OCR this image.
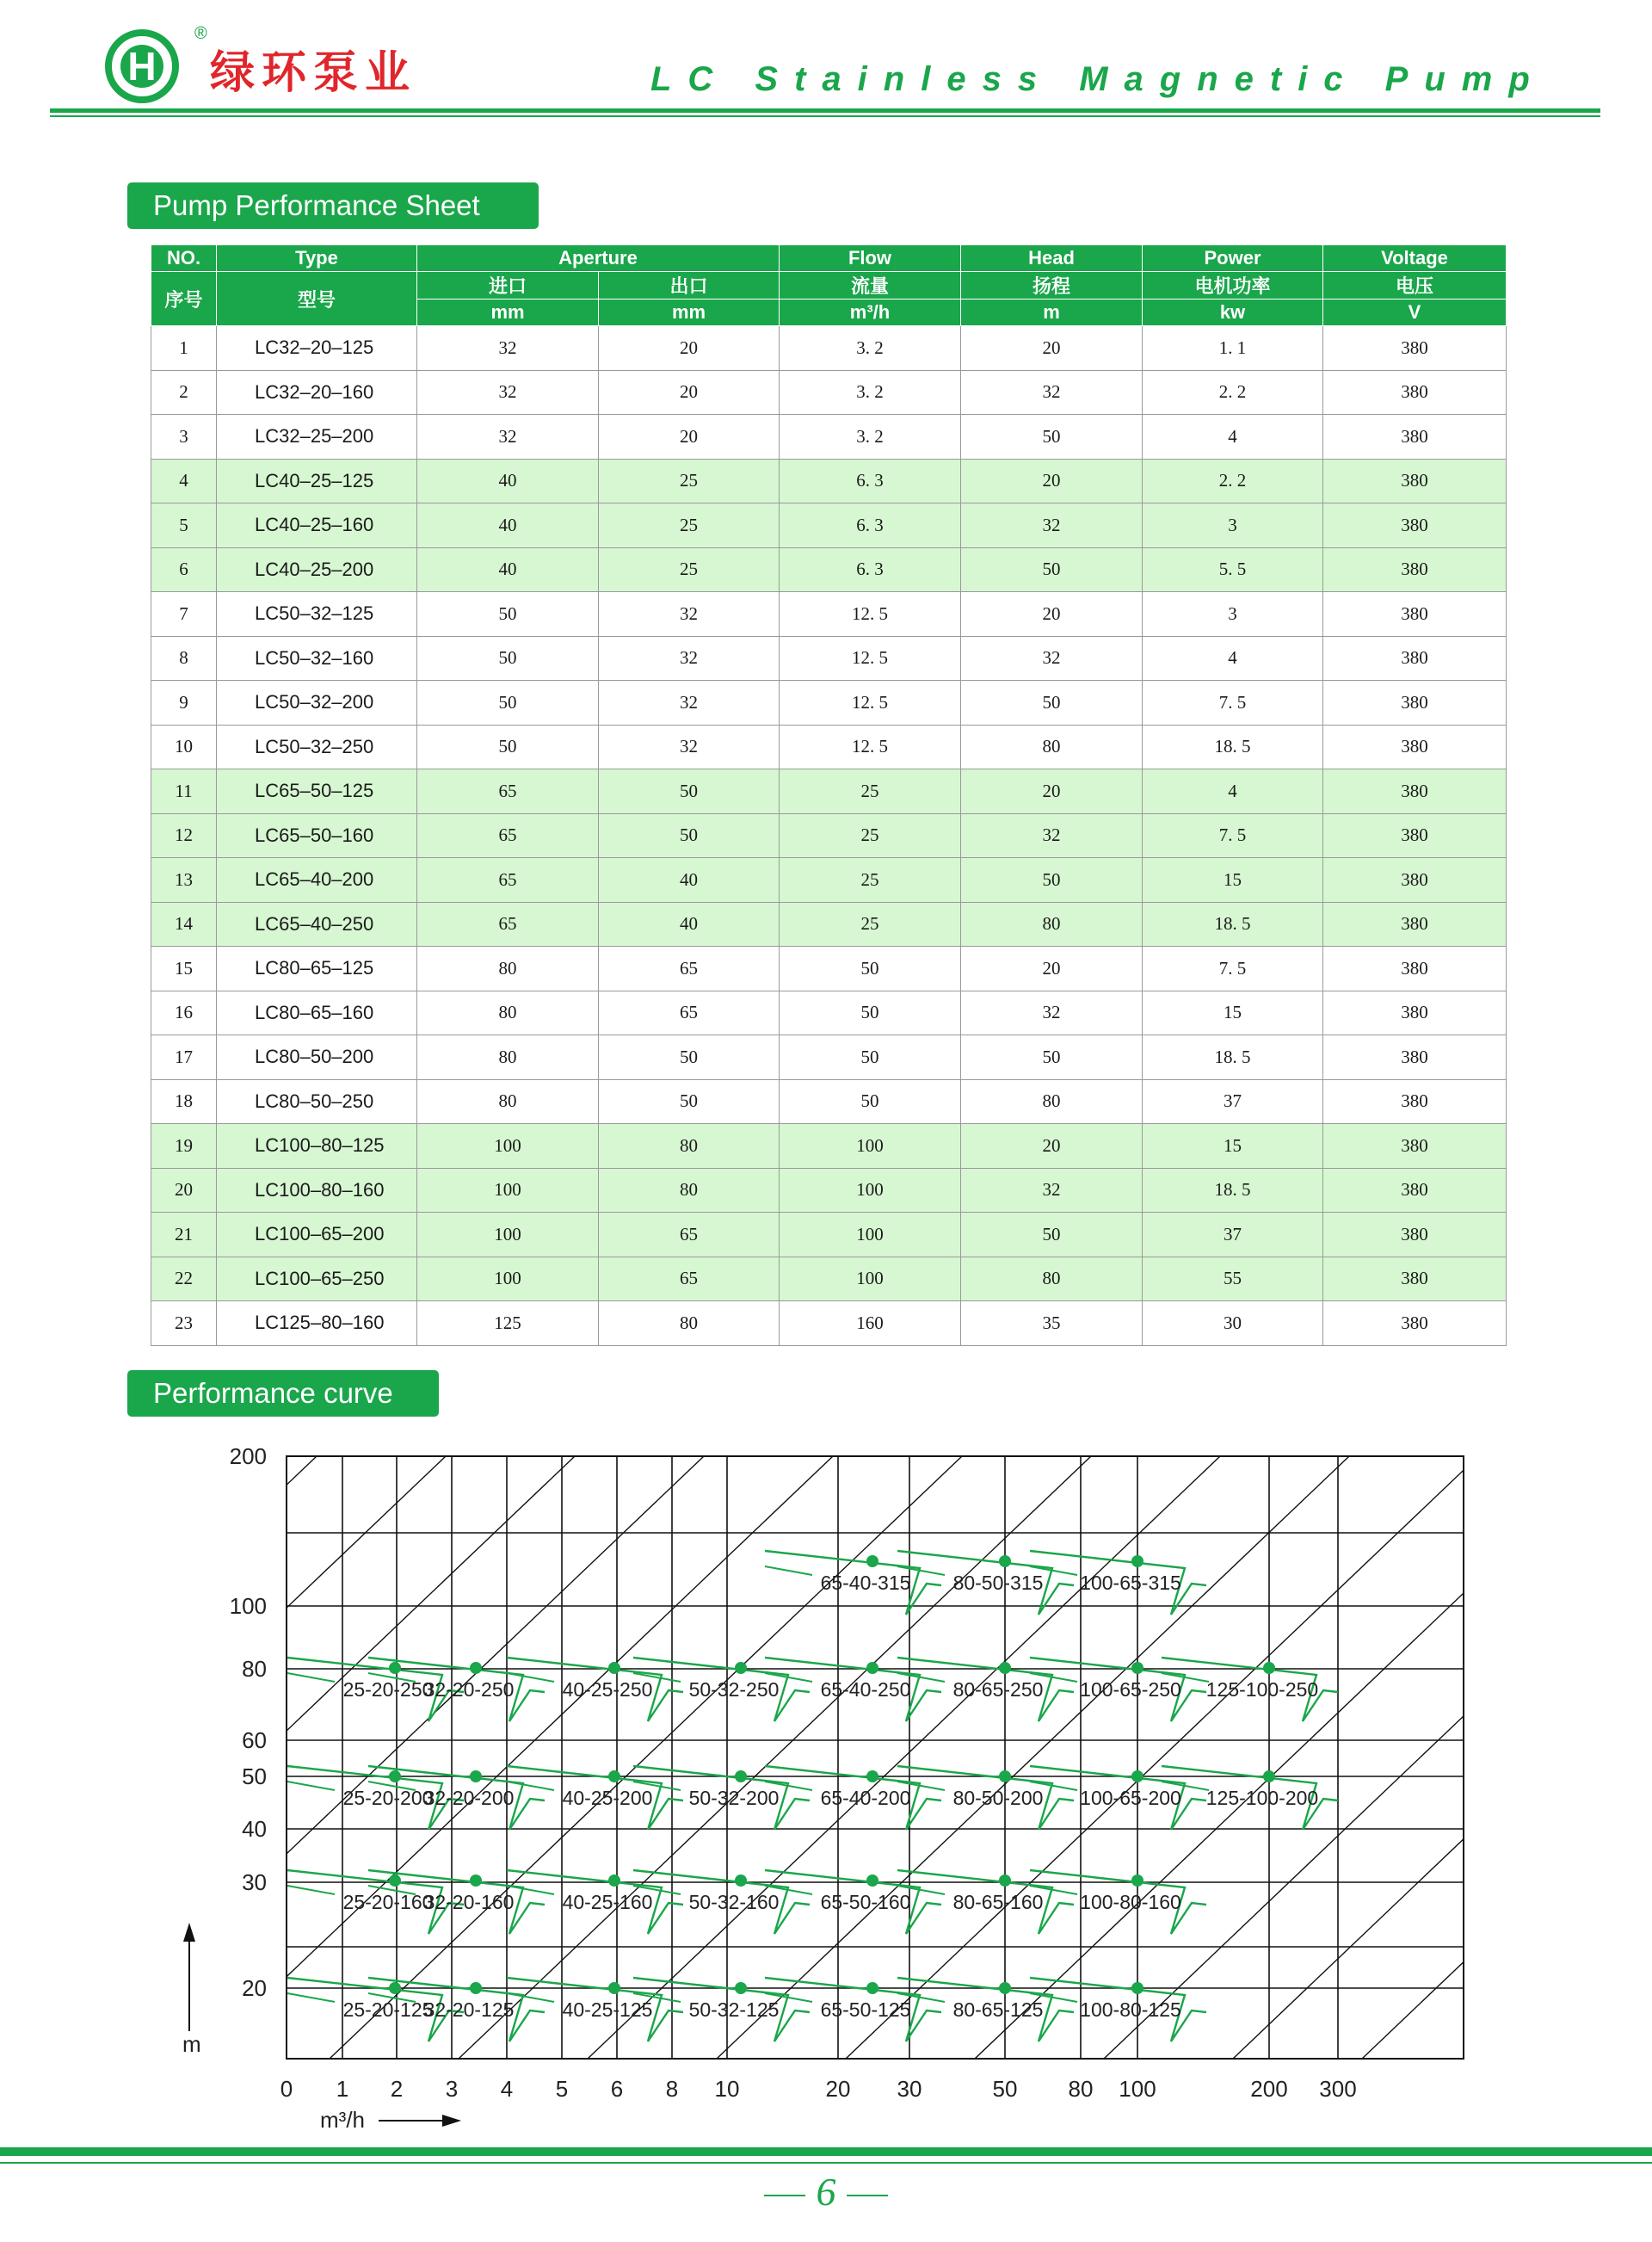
H
®
绿环泵业	LC Stainless Magnetic Pump
Pump Performance Sheet
NO.	Type	Aperture		Flow	Head	Power	Voltage
序号	型号	进口	出口	流量	扬程	电机功率	电压
		mm	mm	m³/h	m	kw	V
1	LC32–20–125	32	20	3. 2	20	1. 1	380
2	LC32–20–160	32	20	3. 2	32	2. 2	380
3	LC32–25–200	32	20	3. 2	50	4	380
4	LC40–25–125	40	25	6. 3	20	2. 2	380
5	LC40–25–160	40	25	6. 3	32	3	380
6	LC40–25–200	40	25	6. 3	50	5. 5	380
7	LC50–32–125	50	32	12. 5	20	3	380
8	LC50–32–160	50	32	12. 5	32	4	380
9	LC50–32–200	50	32	12. 5	50	7. 5	380
10	LC50–32–250	50	32	12. 5	80	18. 5	380
11	LC65–50–125	65	50	25	20	4	380
12	LC65–50–160	65	50	25	32	7. 5	380
13	LC65–40–200	65	40	25	50	15	380
14	LC65–40–250	65	40	25	80	18. 5	380
15	LC80–65–125	80	65	50	20	7. 5	380
16	LC80–65–160	80	65	50	32	15	380
17	LC80–50–200	80	50	50	50	18. 5	380
18	LC80–50–250	80	50	50	80	37	380
19	LC100–80–125	100	80	100	20	15	380
20	LC100–80–160	100	80	100	32	18. 5	380
21	LC100–65–200	100	65	100	50	37	380
22	LC100–65–250	100	65	100	80	55	380
23	LC125–80–160	125	80	160	35	30	380
Performance curve
65-40-315 80-50-315 100-65-315
25-20-250
32-20-250 40-25-250 50-32-250 65-40-250 80-65-250 100-65-250 125-100-250
25-20-200
32-20-200 40-25-200 50-32-200 65-40-200 80-50-200 100-65-200 125-100-200
25-20-160
32-20-160 40-25-160 50-32-160 65-50-160 80-65-160 100-80-160
25-20-125
32-20-125 40-25-125 50-32-125 65-50-125 80-65-125 100-80-125
0 1 2 3 4 5 6 8 10	20 30	50 80 100	200 300
20
30
40
50
60
80
100
200
m
m³/h
6
